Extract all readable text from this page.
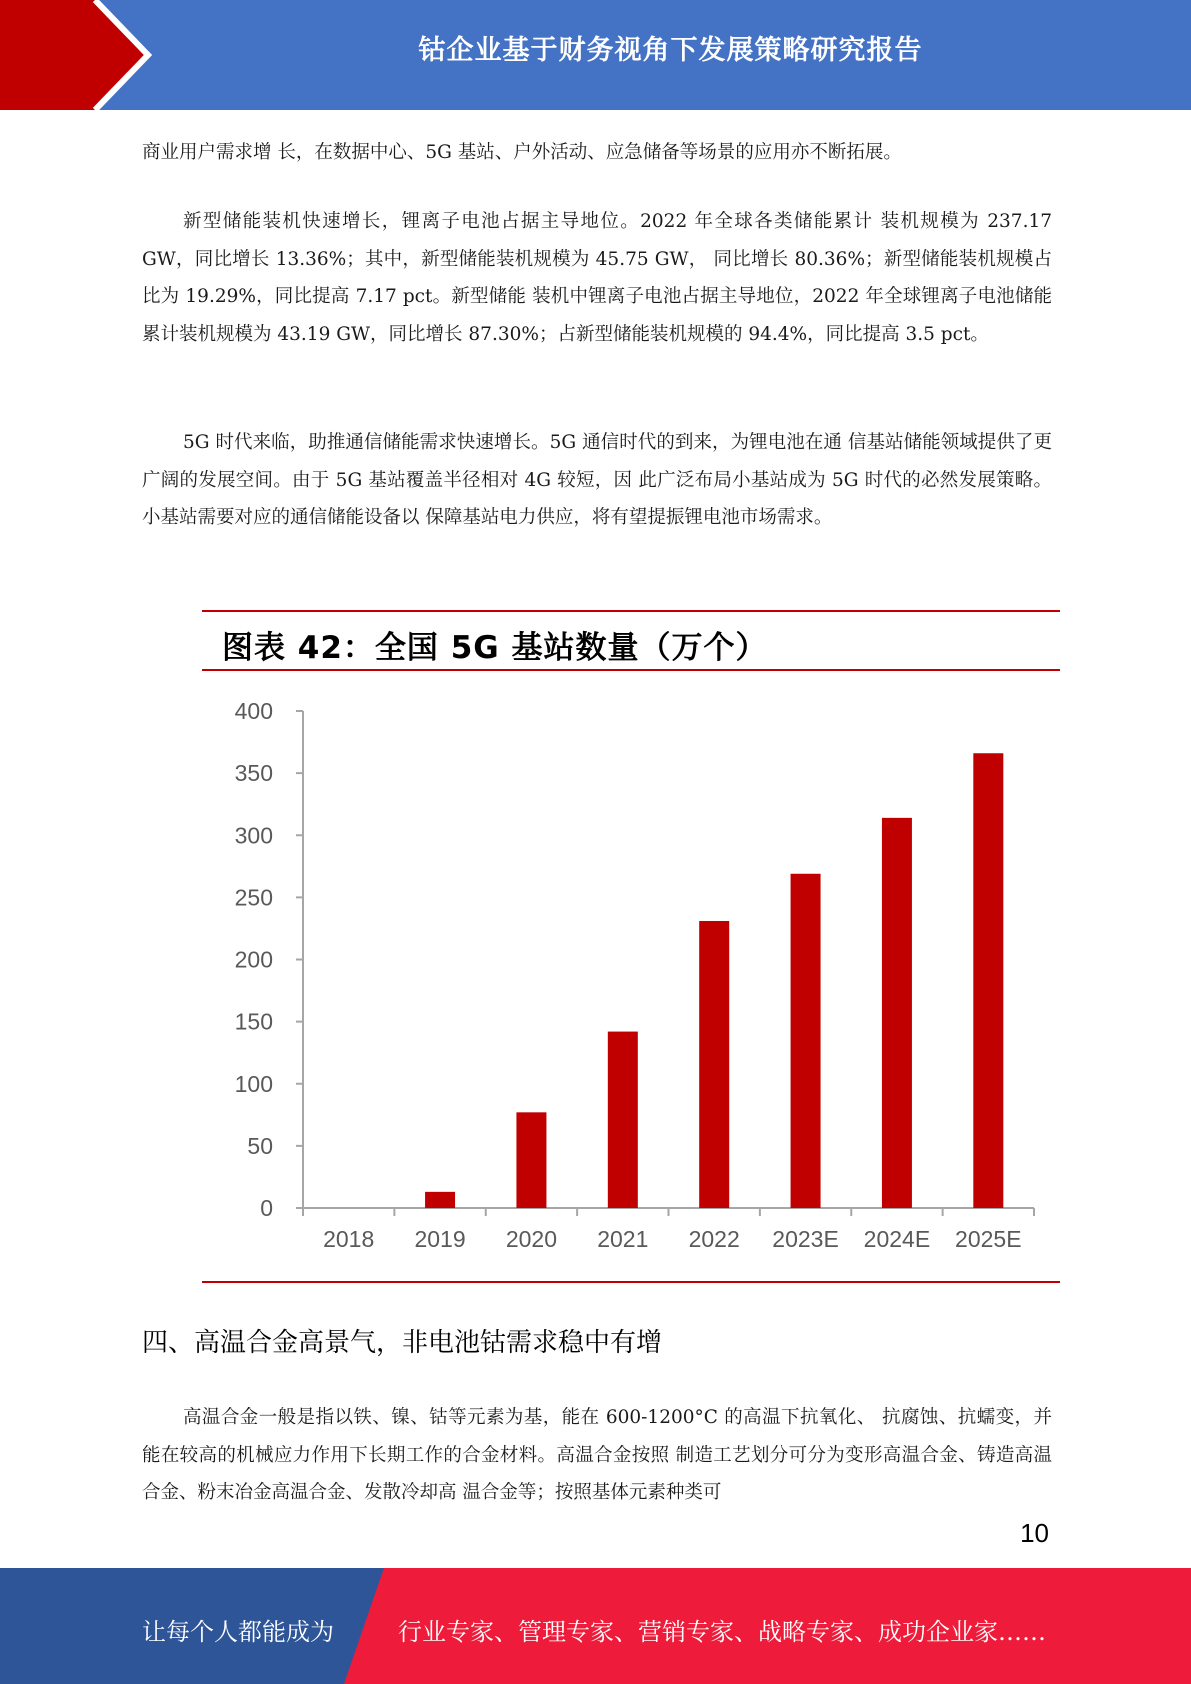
钴企业基于财务视角下发展策略研究报告

商业用户需求增 长，在数据中心、5G 基站、户外活动、应急储备等场景的应用亦不断拓展。

新型储能装机快速增长，锂离子电池占据主导地位。2022 年全球各类储能累计 装机规模为 237.17 GW，同比增长 13.36%；其中，新型储能装机规模为 45.75 GW， 同比增长 80.36%；新型储能装机规模占比为 19.29%，同比提高 7.17 pct。新型储能 装机中锂离子电池占据主导地位，2022 年全球锂离子电池储能累计装机规模为 43.19 GW，同比增长 87.30%；占新型储能装机规模的 94.4%，同比提高 3.5 pct。

5G 时代来临，助推通信储能需求快速增长。5G 通信时代的到来，为锂电池在通 信基站储能领域提供了更广阔的发展空间。由于 5G 基站覆盖半径相对 4G 较短，因 此广泛布局小基站成为 5G 时代的必然发展策略。小基站需要对应的通信储能设备以 保障基站电力供应，将有望提振锂电池市场需求。

图表 42：全国 5G 基站数量（万个）
0
50
100
150
200
250
300
350
400
2018 2019 2020 2021 2022 2023E 2024E 2025E
四、高温合金高景气，非电池钴需求稳中有增

高温合金一般是指以铁、镍、钴等元素为基，能在 600-1200°C 的高温下抗氧化、 抗腐蚀、抗蠕变，并能在较高的机械应力作用下长期工作的合金材料。高温合金按照 制造工艺划分可分为变形高温合金、铸造高温合金、粉末冶金高温合金、发散冷却高 温合金等；按照基体元素种类可

10
让每个人都能成为	行业专家、管理专家、营销专家、战略专家、成功企业家……
